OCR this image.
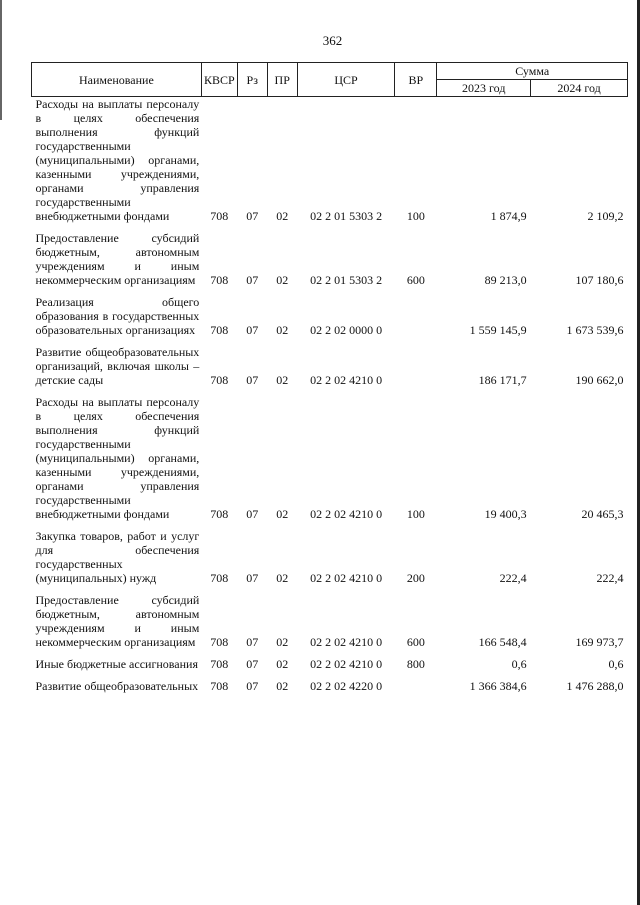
362
Наименование	КВСР	Рз	ПР	ЦСР	ВР	Сумма	
						2023 год	2024 год
Расходы на выплаты персоналу в целях обеспечения выполнения функций государственными (муниципальными) органами, казенными учреждениями, органами управления государственными внебюджетными фондами	708	07	02	02 2 01 5303 2	100	1 874,9	2 109,2
Предоставление субсидий бюджетным, автономным учреждениям и иным некоммерческим организациям	708	07	02	02 2 01 5303 2	600	89 213,0	107 180,6
Реализация общего образования в государственных образовательных организациях	708	07	02	02 2 02 0000 0		1 559 145,9	1 673 539,6
Развитие общеобразовательных организаций, включая школы – детские сады	708	07	02	02 2 02 4210 0		186 171,7	190 662,0
Расходы на выплаты персоналу в целях обеспечения выполнения функций государственными (муниципальными) органами, казенными учреждениями, органами управления государственными внебюджетными фондами	708	07	02	02 2 02 4210 0	100	19 400,3	20 465,3
Закупка товаров, работ и услуг для обеспечения государственных (муниципальных) нужд	708	07	02	02 2 02 4210 0	200	222,4	222,4
Предоставление субсидий бюджетным, автономным учреждениям и иным некоммерческим организациям	708	07	02	02 2 02 4210 0	600	166 548,4	169 973,7
Иные бюджетные ассигнования	708	07	02	02 2 02 4210 0	800	0,6	0,6
Развитие общеобразовательных	708	07	02	02 2 02 4220 0		1 366 384,6	1 476 288,0
